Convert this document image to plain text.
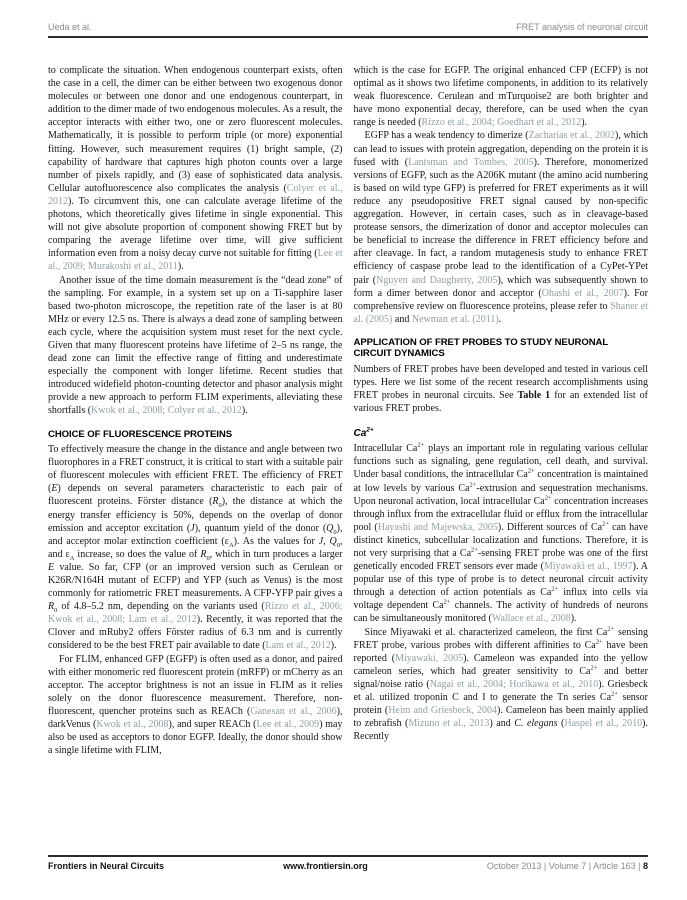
Ueda et al.	FRET analysis of neuronal circuit

to complicate the situation. When endogenous counterpart exists, often the case in a cell, the dimer can be either between two exogenous donor molecules or between one donor and one endogenous counterpart, in addition to the dimer made of two endogenous molecules. As a result, the acceptor interacts with either two, one or zero fluorescent molecules. Mathematically, it is possible to perform triple (or more) exponential fitting. However, such measurement requires (1) bright sample, (2) capability of hardware that captures high photon counts over a large number of pixels rapidly, and (3) ease of sophisticated data analysis. Cellular autofluorescence also complicates the analysis (Colyer et al., 2012). To circumvent this, one can calculate average lifetime of the photons, which theoretically gives lifetime in single exponential. This will not give absolute proportion of component showing FRET but by comparing the average lifetime over time, will give sufficient information even from a noisy decay curve not suitable for fitting (Lee et al., 2009; Murakoshi et al., 2011).

Another issue of the time domain measurement is the “dead zone” of the sampling. For example, in a system set up on a Ti-sapphire laser based two-photon microscope, the repetition rate of the laser is at 80 MHz or every 12.5 ns. There is always a dead zone of sampling between each cycle, where the acquisition system must reset for the next cycle. Given that many fluorescent proteins have lifetime of 2–5 ns range, the dead zone can limit the effective range of fitting and underestimate especially the component with longer lifetime. Recent studies that introduced widefield photon-counting detector and phasor analysis might provide a new approach to perform FLIM experiments, alleviating these shortfalls (Kwok et al., 2008; Colyer et al., 2012).

CHOICE OF FLUORESCENCE PROTEINS

To effectively measure the change in the distance and angle between two fluorophores in a FRET construct, it is critical to start with a suitable pair of fluorescent molecules with efficient FRET. The efficiency of FRET (E) depends on several parameters characteristic to each pair of fluorescent proteins. Förster distance $(R_0)$, the distance at which the energy transfer efficiency is 50%, depends on the overlap of donor emission and acceptor excitation (J), quantum yield of the donor $(Q_0)$, and acceptor molar extinction coefficient $(\varepsilon_A)$. As the values for J, $Q_0$, and $\varepsilon_A$ increase, so does the value of $R_0$, which in turn produces a larger E value. So far, CFP (or an improved version such as Cerulean or K26R/N164H mutant of ECFP) and YFP (such as Venus) is the most commonly for ratiometric FRET measurements. A CFP-YFP pair gives a $R_0$ of 4.8–5.2 nm, depending on the variants used (Rizzo et al., 2006; Kwok et al., 2008; Lam et al., 2012). Recently, it was reported that the Clover and mRuby2 offers Förster radius of 6.3 nm and is currently considered to be the best FRET pair available to date (Lam et al., 2012).

For FLIM, enhanced GFP (EGFP) is often used as a donor, and paired with either monomeric red fluorescent protein (mRFP) or mCherry as an acceptor. The acceptor brightness is not an issue in FLIM as it relies solely on the donor fluorescence measurement. Therefore, non-fluorescent, quencher proteins such as REACh (Ganesan et al., 2006), darkVenus (Kwok et al., 2008), and super REACh (Lee et al., 2009) may also be used as acceptors to donor EGFP. Ideally, the donor should show a single lifetime with FLIM,

which is the case for EGFP. The original enhanced CFP (ECFP) is not optimal as it shows two lifetime components, in addition to its relatively weak fluorescence. Cerulean and mTurquoise2 are both brighter and have mono exponential decay, therefore, can be used when the cyan range is needed (Rizzo et al., 2004; Goedhart et al., 2012).

EGFP has a weak tendency to dimerize (Zacharias et al., 2002), which can lead to issues with protein aggregation, depending on the protein it is fused with (Lantsman and Tombes, 2005). Therefore, monomerized versions of EGFP, such as the A206K mutant (the amino acid numbering is based on wild type GFP) is preferred for FRET experiments as it will reduce any pseudopositive FRET signal caused by non-specific aggregation. However, in certain cases, such as in cleavage-based protease sensors, the dimerization of donor and acceptor molecules can be beneficial to increase the difference in FRET efficiency before and after cleavage. In fact, a random mutagenesis study to enhance FRET efficiency of caspase probe lead to the identification of a CyPet-YPet pair (Nguyen and Daugherty, 2005), which was subsequently shown to form a dimer between donor and acceptor (Ohashi et al., 2007). For comprehensive review on fluorescence proteins, please refer to Shaner et al. (2005) and Newman et al. (2011).

APPLICATION OF FRET PROBES TO STUDY NEURONAL CIRCUIT DYNAMICS

Numbers of FRET probes have been developed and tested in various cell types. Here we list some of the recent research accomplishments using FRET probes in neuronal circuits. See Table 1 for an extended list of various FRET probes.

$Ca^{2+}$

Intracellular $Ca^{2+}$ plays an important role in regulating various cellular functions such as signaling, gene regulation, cell death, and survival. Under basal conditions, the intracellular $Ca^{2+}$ concentration is maintained at low levels by various $Ca^{2+}$-extrusion and sequestration mechanisms. Upon neuronal activation, local intracellular $Ca^{2+}$ concentration increases through influx from the extracellular fluid or efflux from the intracellular pool (Hayashi and Majewska, 2005). Different sources of $Ca^{2+}$ can have distinct kinetics, subcellular localization and functions. Therefore, it is not very surprising that a $Ca^{2+}$-sensing FRET probe was one of the first genetically encoded FRET sensors ever made (Miyawaki et al., 1997). A popular use of this type of probe is to detect neuronal circuit activity through a detection of action potentials as $Ca^{2+}$ influx into cells via voltage dependent $Ca^{2+}$ channels. The activity of hundreds of neurons can be simultaneously monitored (Wallace et al., 2008).

Since Miyawaki et al. characterized cameleon, the first $Ca^{2+}$ sensing FRET probe, various probes with different affinities to $Ca^{2+}$ have been reported (Miyawaki, 2005). Cameleon was expanded into the yellow cameleon series, which had greater sensitivity to $Ca^{2+}$ and better signal/noise ratio (Nagai et al., 2004; Horikawa et al., 2010). Griesbeck et al. utilized troponin C and I to generate the Tn series $Ca^{2+}$ sensor protein (Heim and Griesbeck, 2004). Cameleon has been mainly applied to zebrafish (Mizuno et al., 2013) and C. elegans (Haspel et al., 2010). Recently

Frontiers in Neural Circuits	www.frontiersin.org	October 2013 | Volume 7 | Article 163 | 8
